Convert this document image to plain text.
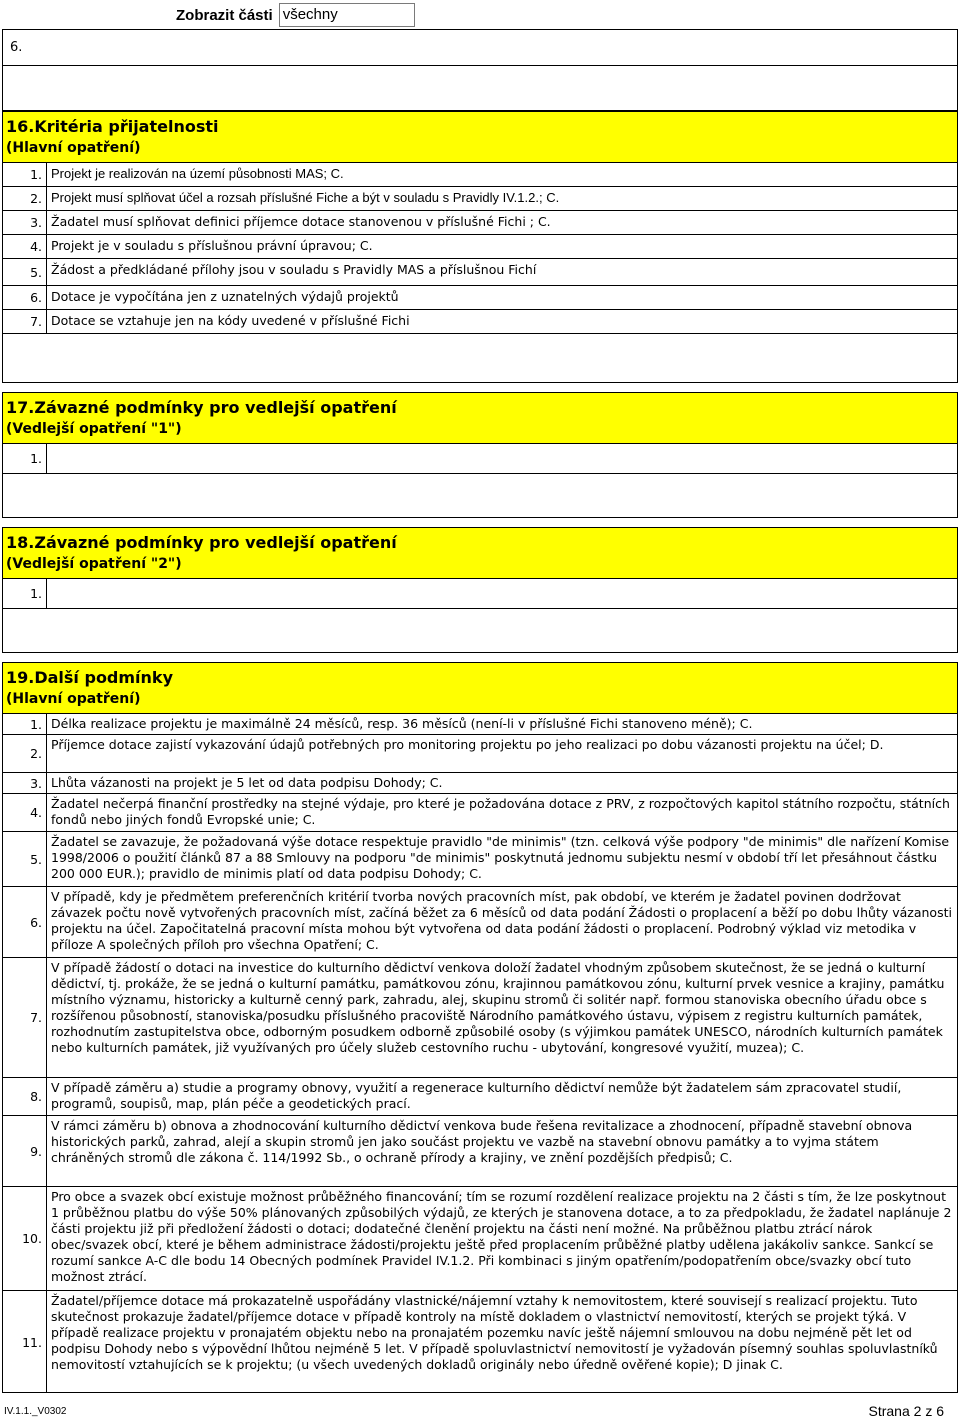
Zobrazit části všechny
6.
16.Kritéria přijatelnosti
(Hlavní opatření)
1. Projekt je realizován na území působnosti MAS; C.
2. Projekt musí splňovat účel a rozsah příslušné Fiche a být v souladu s Pravidly IV.1.2.; C.
3. Žadatel musí splňovat definici příjemce dotace stanovenou v příslušné Fichi ; C.
4. Projekt je v souladu s příslušnou právní úpravou; C.
5. Žádost a předkládané přílohy jsou v souladu s Pravidly MAS a příslušnou Fichí
6. Dotace je vypočítána jen z uznatelných výdajů projektů
7. Dotace se vztahuje jen na kódy uvedené v příslušné Fichi
17.Závazné podmínky pro vedlejší opatření
(Vedlejší opatření "1")
1.
18.Závazné podmínky pro vedlejší opatření
(Vedlejší opatření "2")
1.
19.Další podmínky
(Hlavní opatření)
1. Délka realizace projektu je maximálně 24 měsíců, resp. 36 měsíců (není-li v příslušné Fichi stanoveno méně); C.
2.
Příjemce dotace zajistí vykazování údajů potřebných pro monitoring projektu po jeho realizaci po dobu vázanosti projektu na účel; D.
3. Lhůta vázanosti na projekt je 5 let od data podpisu Dohody; C.
4.
Žadatel nečerpá finanční prostředky na stejné výdaje, pro které je požadována dotace z PRV, z rozpočtových kapitol státního rozpočtu, státních fondů nebo jiných fondů Evropské unie; C.
5.
Žadatel se zavazuje, že požadovaná výše dotace respektuje pravidlo "de minimis" (tzn. celková výše podpory "de minimis" dle nařízení Komise 1998/2006 o použití článků 87 a 88 Smlouvy na podporu "de minimis" poskytnutá jednomu subjektu nesmí v období tří let přesáhnout částku 200 000 EUR.); pravidlo de minimis platí od data podpisu Dohody; C.
6.
V případě, kdy je předmětem preferenčních kritérií tvorba nových pracovních míst, pak období, ve kterém je žadatel povinen dodržovat závazek počtu nově vytvořených pracovních míst, začíná běžet za 6 měsíců od data podání Žádosti o proplacení a běží po dobu lhůty vázanosti projektu na účel. Započitatelná pracovní místa mohou být vytvořena od data podání žádosti o proplacení. Podrobný výklad viz metodika v příloze A společných příloh pro všechna Opatření; C.
7.
V případě žádostí o dotaci na investice do kulturního dědictví venkova doloží žadatel vhodným způsobem skutečnost, že se jedná o kulturní dědictví, tj. prokáže, že se jedná o kulturní památku, památkovou zónu, krajinnou památkovou zónu, kulturní prvek vesnice a krajiny, památku místního významu, historicky a kulturně cenný park, zahradu, alej, skupinu stromů či solitér např. formou stanoviska obecního úřadu obce s rozšířenou působností, stanoviska/posudku příslušného pracoviště Národního památkového ústavu, výpisem z registru kulturních památek, rozhodnutím zastupitelstva obce, odborným posudkem odborně způsobilé osoby (s výjimkou památek UNESCO, národních kulturních památek nebo kulturních památek, již využívaných pro účely služeb cestovního ruchu - ubytování, kongresové využití, muzea); C.
8.
V případě záměru a) studie a programy obnovy, využití a regenerace kulturního dědictví nemůže být žadatelem sám zpracovatel studií, programů, soupisů, map, plán péče a geodetických prací.
9.
V rámci záměru b) obnova a zhodnocování kulturního dědictví venkova bude řešena revitalizace a zhodnocení, případně stavební obnova historických parků, zahrad, alejí a skupin stromů jen jako součást projektu ve vazbě na stavební obnovu památky a to vyjma státem chráněných stromů dle zákona č. 114/1992 Sb., o ochraně přírody a krajiny, ve znění pozdějších předpisů; C.
10.
Pro obce a svazek obcí existuje možnost průběžného financování; tím se rozumí rozdělení realizace projektu na 2 části s tím, že lze poskytnout 1 průběžnou platbu do výše 50% plánovaných způsobilých výdajů, ze kterých je stanovena dotace, a to za předpokladu, že žadatel naplánuje 2 části projektu již při předložení žádosti o dotaci; dodatečné členění projektu na části není možné. Na průběžnou platbu ztrácí nárok obec/svazek obcí, které je během administrace žádosti/projektu ještě před proplacením průběžné platby udělena jakákoliv sankce. Sankcí se rozumí sankce A-C dle bodu 14 Obecných podmínek Pravidel IV.1.2. Při kombinaci s jiným opatřením/podopatřením obce/svazky obcí tuto možnost ztrácí.
11.
Žadatel/příjemce dotace má prokazatelně uspořádány vlastnické/nájemní vztahy k nemovitostem, které souvisejí s realizací projektu. Tuto skutečnost prokazuje žadatel/příjemce dotace v případě kontroly na místě dokladem o vlastnictví nemovitostí, kterých se projekt týká. V případě realizace projektu v pronajatém objektu nebo na pronajatém pozemku navíc ještě nájemní smlouvou na dobu nejméně pět let od podpisu Dohody nebo s výpovědní lhůtou nejméně 5 let. V případě spoluvlastnictví nemovitostí je vyžadován písemný souhlas spoluvlastníků nemovitostí vztahujících se k projektu; (u všech uvedených dokladů originály nebo úředně ověřené kopie); D jinak C.
IV.1.1._V0302	Strana 2 z 6
